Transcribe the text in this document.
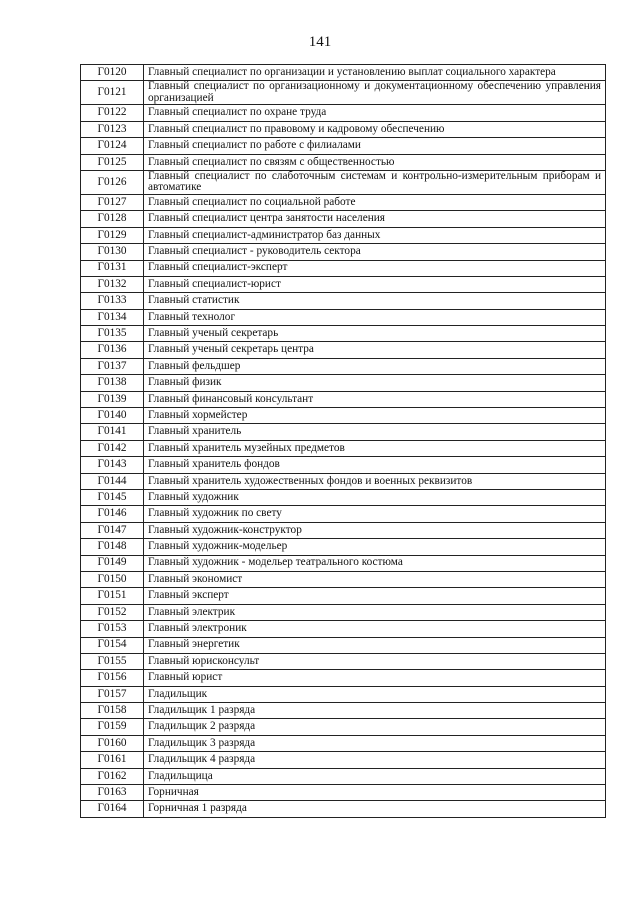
141
Г0120	Главный специалист по организации и установлению выплат социального характера
Г0121	Главный специалист по организационному и документационному обеспечению управления организацией
Г0122	Главный специалист по охране труда
Г0123	Главный специалист по правовому и кадровому обеспечению
Г0124	Главный специалист по работе с филиалами
Г0125	Главный специалист по связям с общественностью
Г0126	Главный специалист по слаботочным системам и контрольно-измерительным приборам и автоматике
Г0127	Главный специалист по социальной работе
Г0128	Главный специалист центра занятости населения
Г0129	Главный специалист-администратор баз данных
Г0130	Главный специалист - руководитель сектора
Г0131	Главный специалист-эксперт
Г0132	Главный специалист-юрист
Г0133	Главный статистик
Г0134	Главный технолог
Г0135	Главный ученый секретарь
Г0136	Главный ученый секретарь центра
Г0137	Главный фельдшер
Г0138	Главный физик
Г0139	Главный финансовый консультант
Г0140	Главный хормейстер
Г0141	Главный хранитель
Г0142	Главный хранитель музейных предметов
Г0143	Главный хранитель фондов
Г0144	Главный хранитель художественных фондов и военных реквизитов
Г0145	Главный художник
Г0146	Главный художник по свету
Г0147	Главный художник-конструктор
Г0148	Главный художник-модельер
Г0149	Главный художник - модельер театрального костюма
Г0150	Главный экономист
Г0151	Главный эксперт
Г0152	Главный электрик
Г0153	Главный электроник
Г0154	Главный энергетик
Г0155	Главный юрисконсульт
Г0156	Главный юрист
Г0157	Гладильщик
Г0158	Гладильщик 1 разряда
Г0159	Гладильщик 2 разряда
Г0160	Гладильщик 3 разряда
Г0161	Гладильщик 4 разряда
Г0162	Гладильщица
Г0163	Горничная
Г0164	Горничная 1 разряда
